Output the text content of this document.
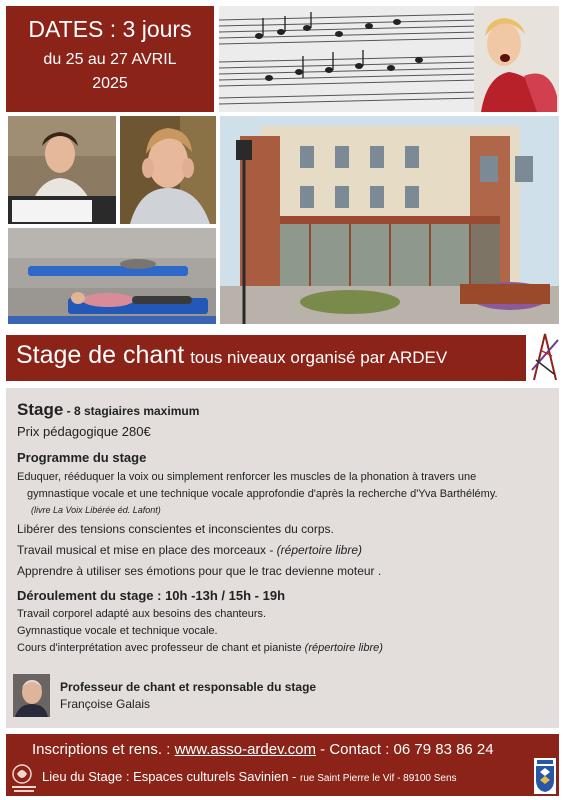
DATES : 3 jours
du 25 au 27 AVRIL
2025
Stage de chant tous niveaux organisé par ARDEV
Stage - 8 stagiaires maximum
Prix pédagogique 280€
Programme du stage
Eduquer, rééduquer la voix ou simplement renforcer les muscles de la phonation à travers une
gymnastique vocale et une technique vocale approfondie d'après la recherche d'Yva Barthélémy.
(livre La Voix Libérée éd. Lafont)
Libérer des tensions conscientes et inconscientes du corps.
Travail musical et mise en place des morceaux - (répertoire libre)
Apprendre à utiliser ses émotions pour que le trac devienne moteur .
Déroulement du stage : 10h -13h / 15h - 19h
Travail corporel adapté aux besoins des chanteurs.
Gymnastique vocale et technique vocale.
Cours d'interprétation avec professeur de chant et pianiste (répertoire libre)
Professeur de chant et responsable du stage
Françoise Galais
Inscriptions et rens. : www.asso-ardev.com - Contact : 06 79 83 86 24
Lieu du Stage : Espaces culturels Savinien - rue Saint Pierre le Vif - 89100 Sens
